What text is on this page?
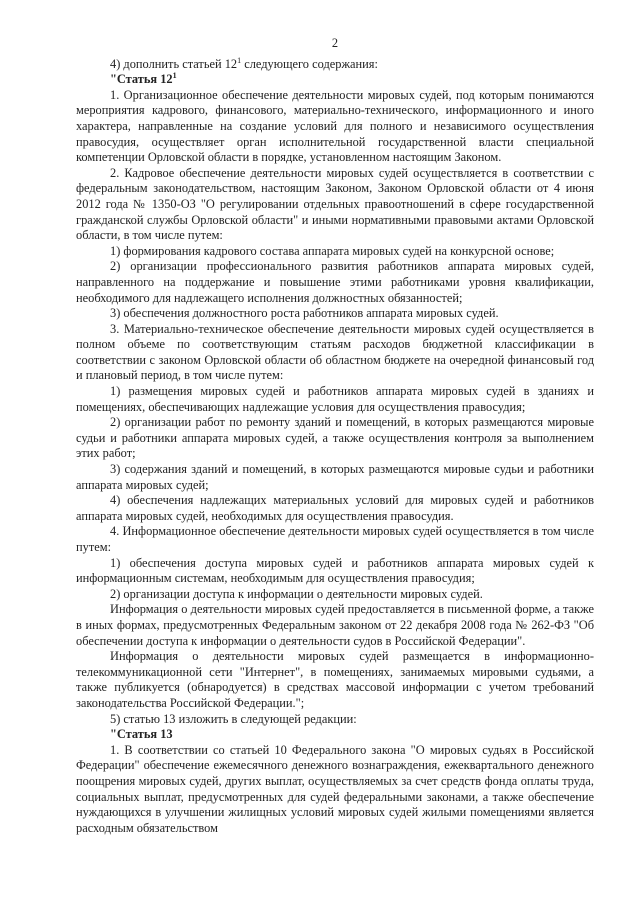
2

4) дополнить статьей $12^1$ следующего содержания:

"Статья $12^1$

1. Организационное обеспечение деятельности мировых судей, под которым понимаются мероприятия кадрового, финансового, материально-технического, информационного и иного характера, направленные на создание условий для полного и независимого осуществления правосудия, осуществляет орган исполнительной государственной власти специальной компетенции Орловской области в порядке, установленном настоящим Законом.

2. Кадровое обеспечение деятельности мировых судей осуществляется в соответствии с федеральным законодательством, настоящим Законом, Законом Орловской области от 4 июня 2012 года № 1350-ОЗ "О регулировании отдельных правоотношений в сфере государственной гражданской службы Орловской области" и иными нормативными правовыми актами Орловской области, в том числе путем:

1) формирования кадрового состава аппарата мировых судей на конкурсной основе;

2) организации профессионального развития работников аппарата мировых судей, направленного на поддержание и повышение этими работниками уровня квалификации, необходимого для надлежащего исполнения должностных обязанностей;

3) обеспечения должностного роста работников аппарата мировых судей.

3. Материально-техническое обеспечение деятельности мировых судей осуществляется в полном объеме по соответствующим статьям расходов бюджетной классификации в соответствии с законом Орловской области об областном бюджете на очередной финансовый год и плановый период, в том числе путем:

1) размещения мировых судей и работников аппарата мировых судей в зданиях и помещениях, обеспечивающих надлежащие условия для осуществления правосудия;

2) организации работ по ремонту зданий и помещений, в которых размещаются мировые судьи и работники аппарата мировых судей, а также осуществления контроля за выполнением этих работ;

3) содержания зданий и помещений, в которых размещаются мировые судьи и работники аппарата мировых судей;

4) обеспечения надлежащих материальных условий для мировых судей и работников аппарата мировых судей, необходимых для осуществления правосудия.

4. Информационное обеспечение деятельности мировых судей осуществляется в том числе путем:

1) обеспечения доступа мировых судей и работников аппарата мировых судей к информационным системам, необходимым для осуществления правосудия;

2) организации доступа к информации о деятельности мировых судей.

Информация о деятельности мировых судей предоставляется в письменной форме, а также в иных формах, предусмотренных Федеральным законом от 22 декабря 2008 года № 262-ФЗ "Об обеспечении доступа к информации о деятельности судов в Российской Федерации".

Информация о деятельности мировых судей размещается в информационно-телекоммуникационной сети "Интернет", в помещениях, занимаемых мировыми судьями, а также публикуется (обнародуется) в средствах массовой информации с учетом требований законодательства Российской Федерации.";

5) статью 13 изложить в следующей редакции:

"Статья 13

1. В соответствии со статьей 10 Федерального закона "О мировых судьях в Российской Федерации" обеспечение ежемесячного денежного вознаграждения, ежеквартального денежного поощрения мировых судей, других выплат, осуществляемых за счет средств фонда оплаты труда, социальных выплат, предусмотренных для судей федеральными законами, а также обеспечение нуждающихся в улучшении жилищных условий мировых судей жилыми помещениями является расходным обязательством
